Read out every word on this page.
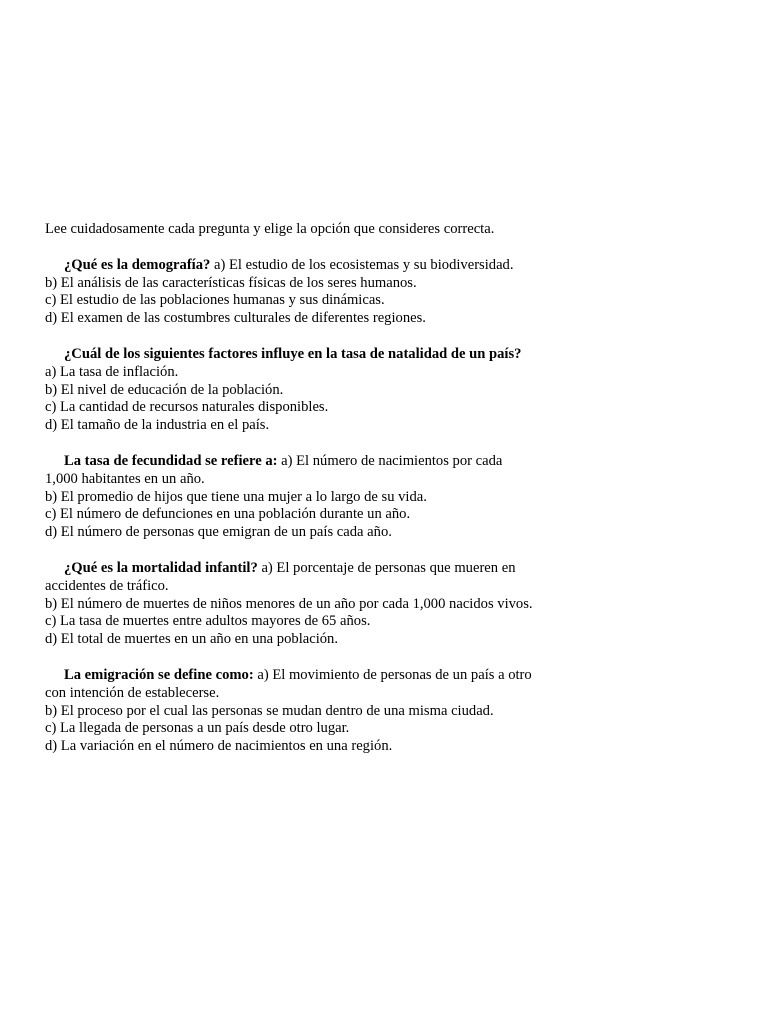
Lee cuidadosamente cada pregunta y elige la opción que consideres correcta.

¿Qué es la demografía? a) El estudio de los ecosistemas y su biodiversidad.

b) El análisis de las características físicas de los seres humanos.

c) El estudio de las poblaciones humanas y sus dinámicas.

d) El examen de las costumbres culturales de diferentes regiones.

¿Cuál de los siguientes factores influye en la tasa de natalidad de un país?

a) La tasa de inflación.

b) El nivel de educación de la población.

c) La cantidad de recursos naturales disponibles.

d) El tamaño de la industria en el país.

La tasa de fecundidad se refiere a: a) El número de nacimientos por cada 1,000 habitantes en un año.

b) El promedio de hijos que tiene una mujer a lo largo de su vida.

c) El número de defunciones en una población durante un año.

d) El número de personas que emigran de un país cada año.

¿Qué es la mortalidad infantil? a) El porcentaje de personas que mueren en accidentes de tráfico.

b) El número de muertes de niños menores de un año por cada 1,000 nacidos vivos.

c) La tasa de muertes entre adultos mayores de 65 años.

d) El total de muertes en un año en una población.

La emigración se define como: a) El movimiento de personas de un país a otro con intención de establecerse.

b) El proceso por el cual las personas se mudan dentro de una misma ciudad.

c) La llegada de personas a un país desde otro lugar.

d) La variación en el número de nacimientos en una región.
